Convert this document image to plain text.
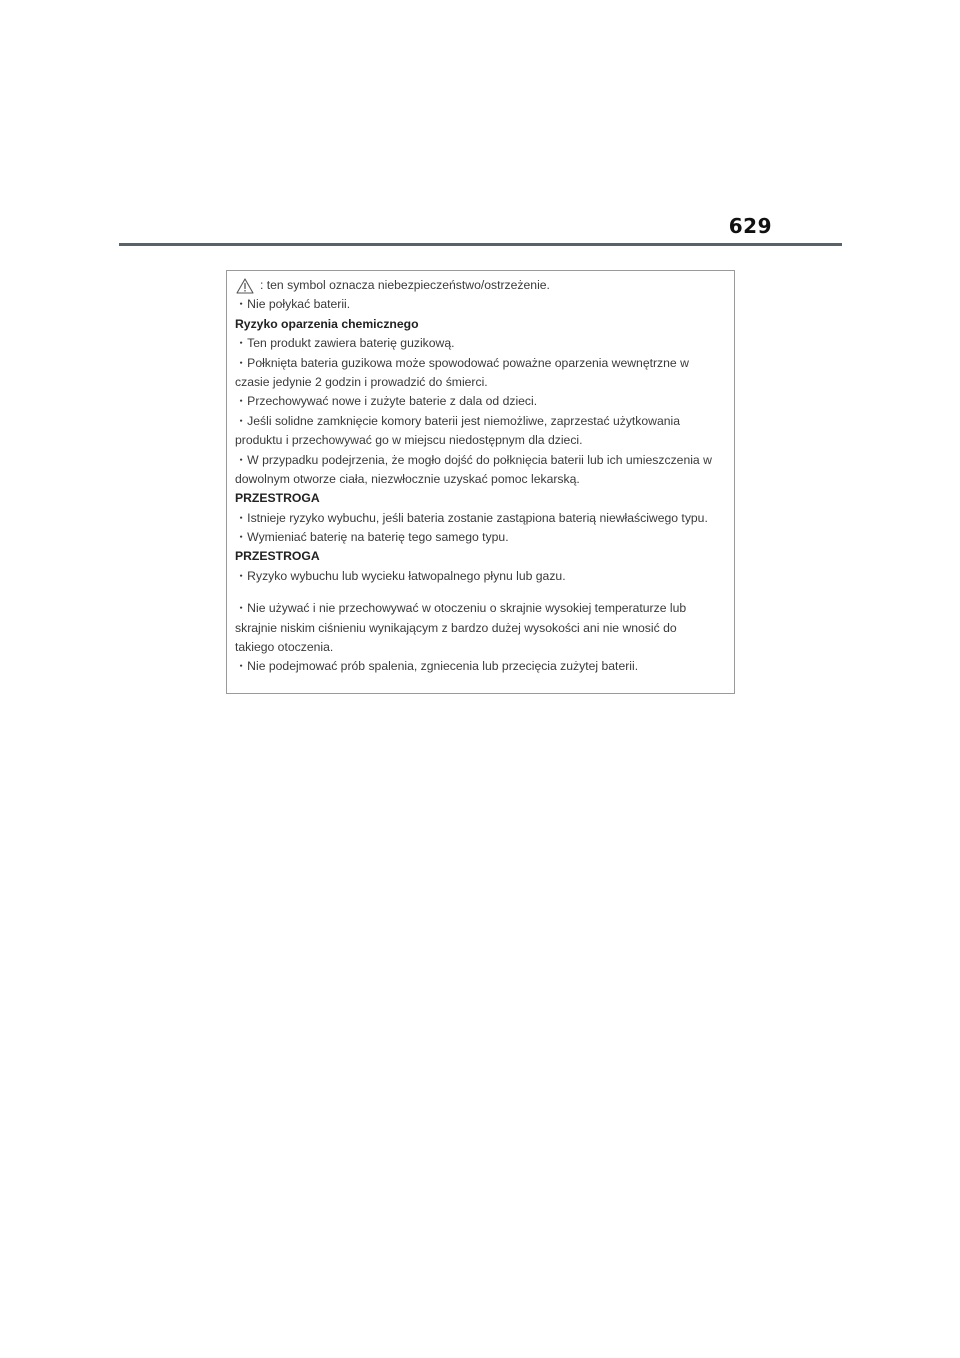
629
: ten symbol oznacza niebezpieczeństwo/ostrzeżenie.
・Nie połykać baterii.
Ryzyko oparzenia chemicznego
・Ten produkt zawiera baterię guzikową.
・Połknięta bateria guzikowa może spowodować poważne oparzenia wewnętrzne w
czasie jedynie 2 godzin i prowadzić do śmierci.
・Przechowywać nowe i zużyte baterie z dala od dzieci.
・Jeśli solidne zamknięcie komory baterii jest niemożliwe, zaprzestać użytkowania
produktu i przechowywać go w miejscu niedostępnym dla dzieci.
・W przypadku podejrzenia, że mogło dojść do połknięcia baterii lub ich umieszczenia w
dowolnym otworze ciała, niezwłocznie uzyskać pomoc lekarską.
PRZESTROGA
・Istnieje ryzyko wybuchu, jeśli bateria zostanie zastąpiona baterią niewłaściwego typu.
・Wymieniać baterię na baterię tego samego typu.
PRZESTROGA
・Ryzyko wybuchu lub wycieku łatwopalnego płynu lub gazu.
・Nie używać i nie przechowywać w otoczeniu o skrajnie wysokiej temperaturze lub
skrajnie niskim ciśnieniu wynikającym z bardzo dużej wysokości ani nie wnosić do
takiego otoczenia.
・Nie podejmować prób spalenia, zgniecenia lub przecięcia zużytej baterii.
